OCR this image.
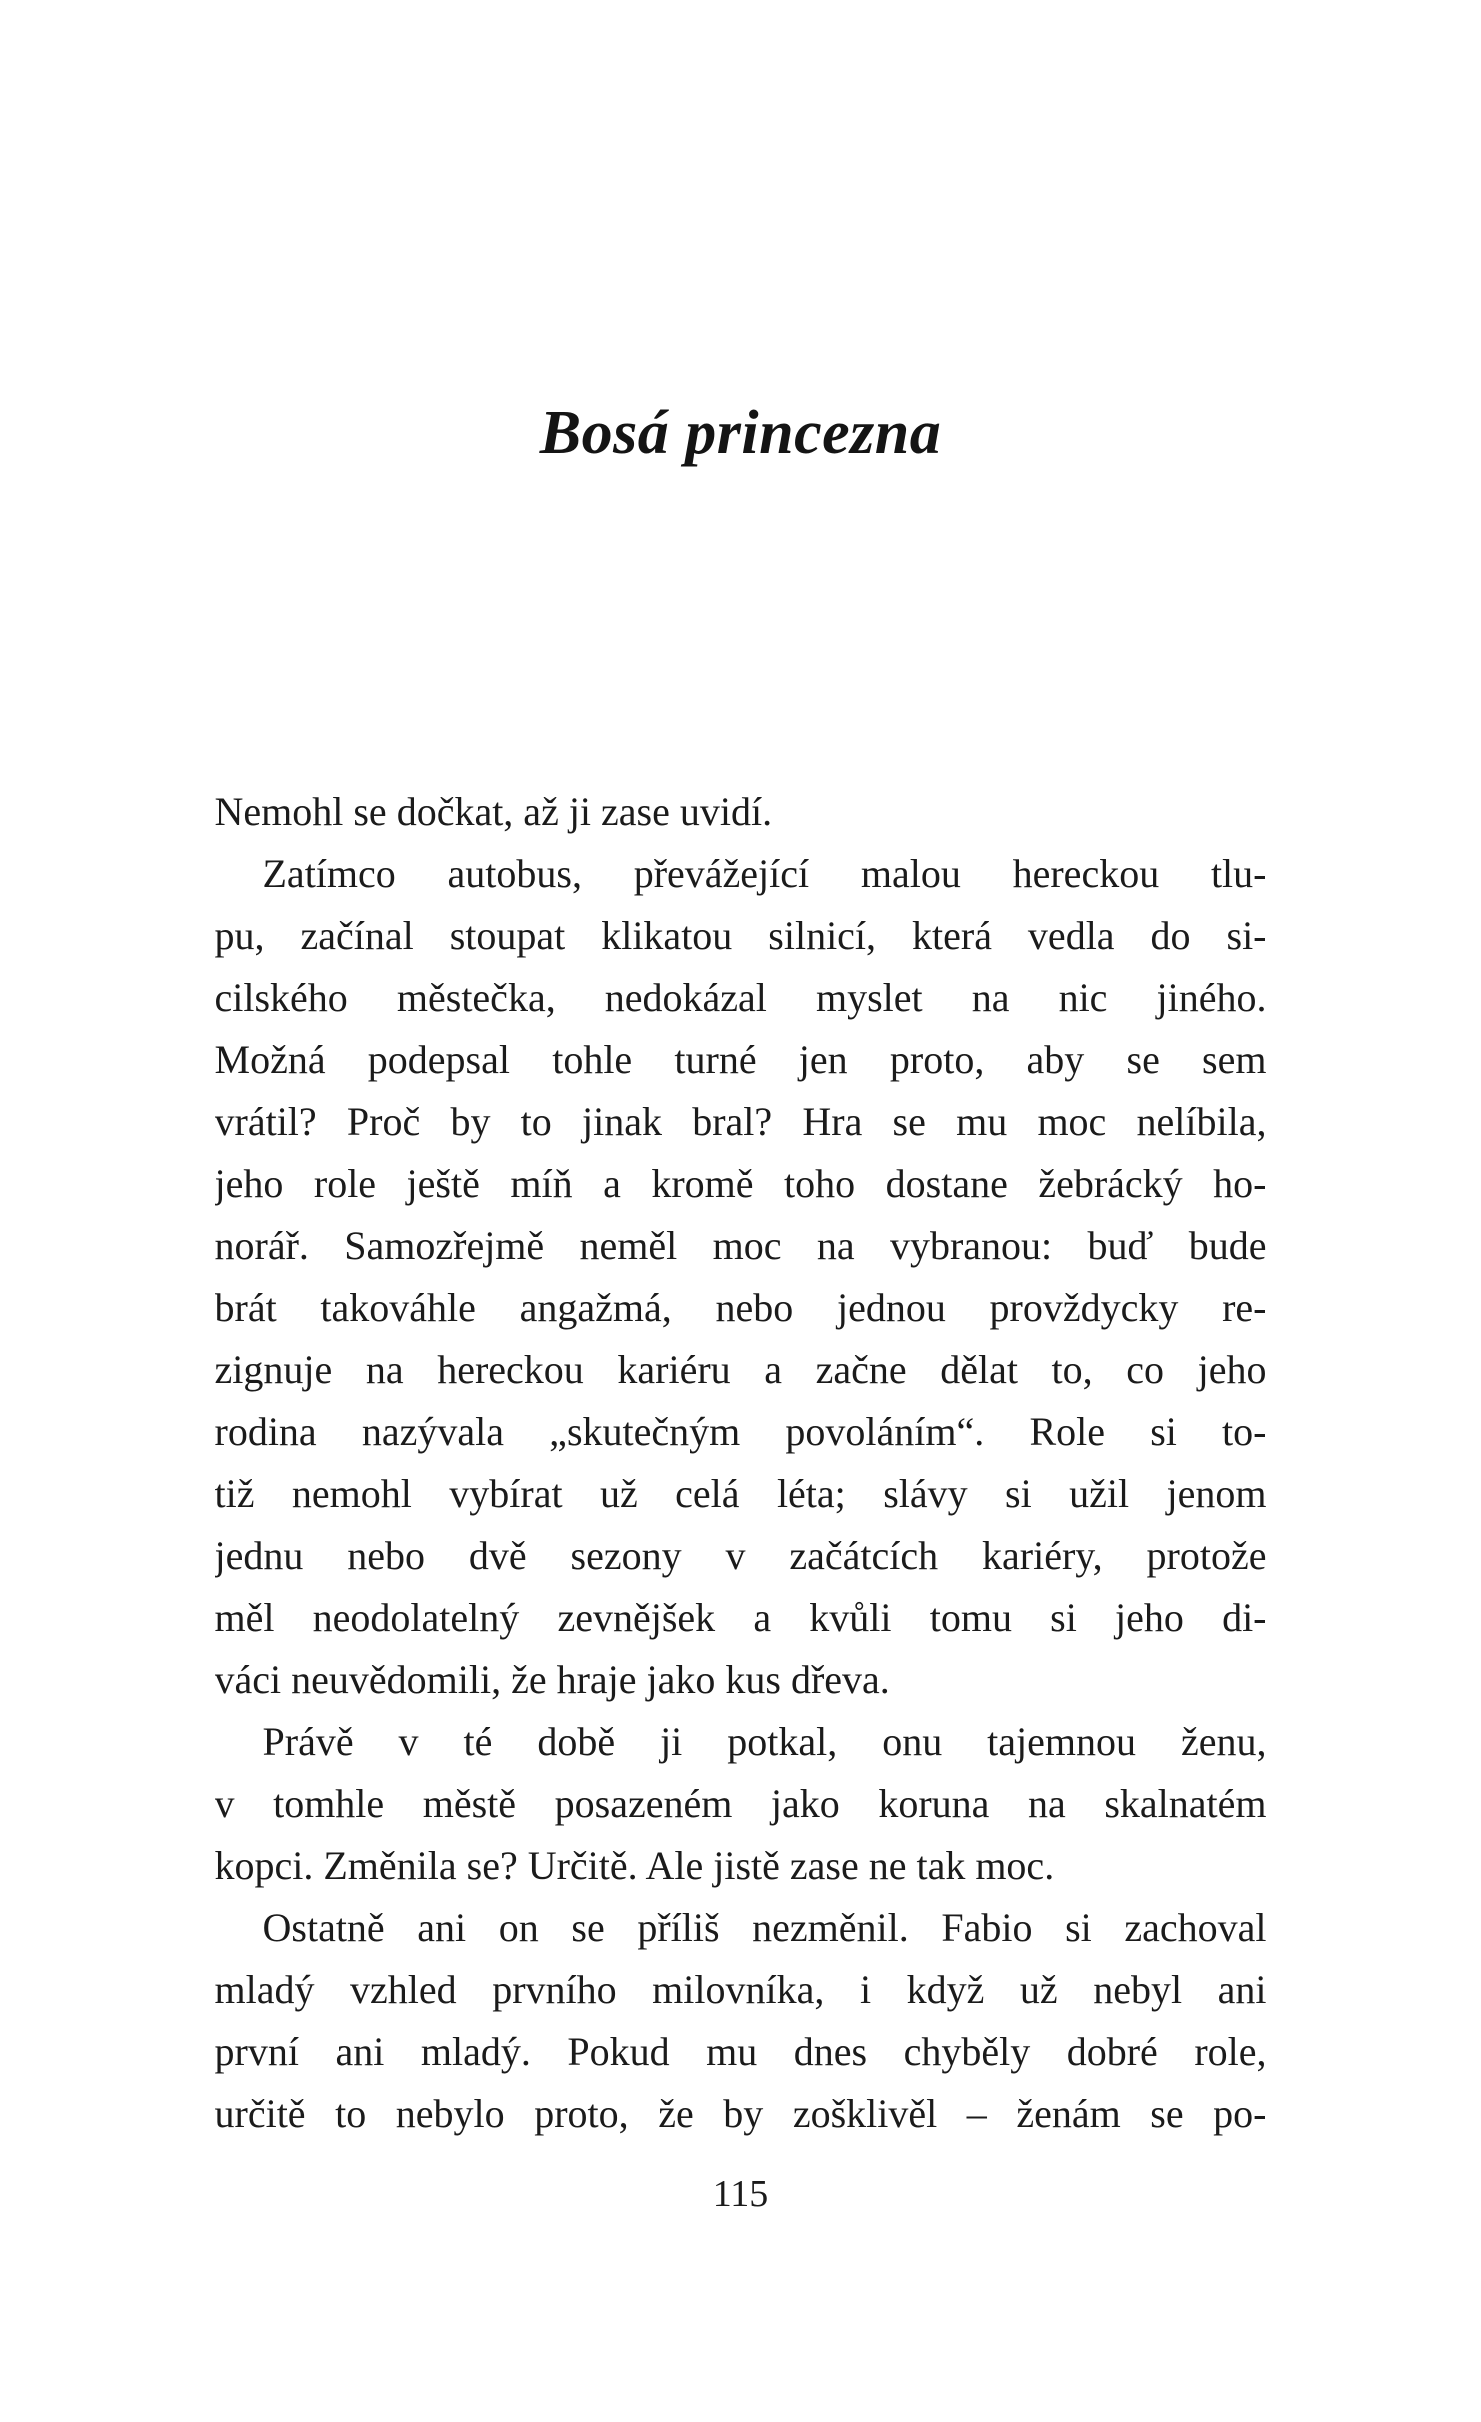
Bosá princezna
Nemohl se dočkat, až ji zase uvidí.
Zatímco autobus, převážející malou hereckou tlu-
pu, začínal stoupat klikatou silnicí, která vedla do si-
cilského městečka, nedokázal myslet na nic jiného.
Možná podepsal tohle turné jen proto, aby se sem
vrátil? Proč by to jinak bral? Hra se mu moc nelíbila,
jeho role ještě míň a kromě toho dostane žebrácký ho-
norář. Samozřejmě neměl moc na vybranou: buď bude
brát takováhle angažmá, nebo jednou provždycky re-
zignuje na hereckou kariéru a začne dělat to, co jeho
rodina nazývala „skutečným povoláním“. Role si to-
tiž nemohl vybírat už celá léta; slávy si užil jenom
jednu nebo dvě sezony v začátcích kariéry, protože
měl neodolatelný zevnějšek a kvůli tomu si jeho di-
váci neuvědomili, že hraje jako kus dřeva.
Právě v té době ji potkal, onu tajemnou ženu,
v tomhle městě posazeném jako koruna na skalnatém
kopci. Změnila se? Určitě. Ale jistě zase ne tak moc.
Ostatně ani on se příliš nezměnil. Fabio si zachoval
mladý vzhled prvního milovníka, i když už nebyl ani
první ani mladý. Pokud mu dnes chyběly dobré role,
určitě to nebylo proto, že by zošklivěl – ženám se po-
115
